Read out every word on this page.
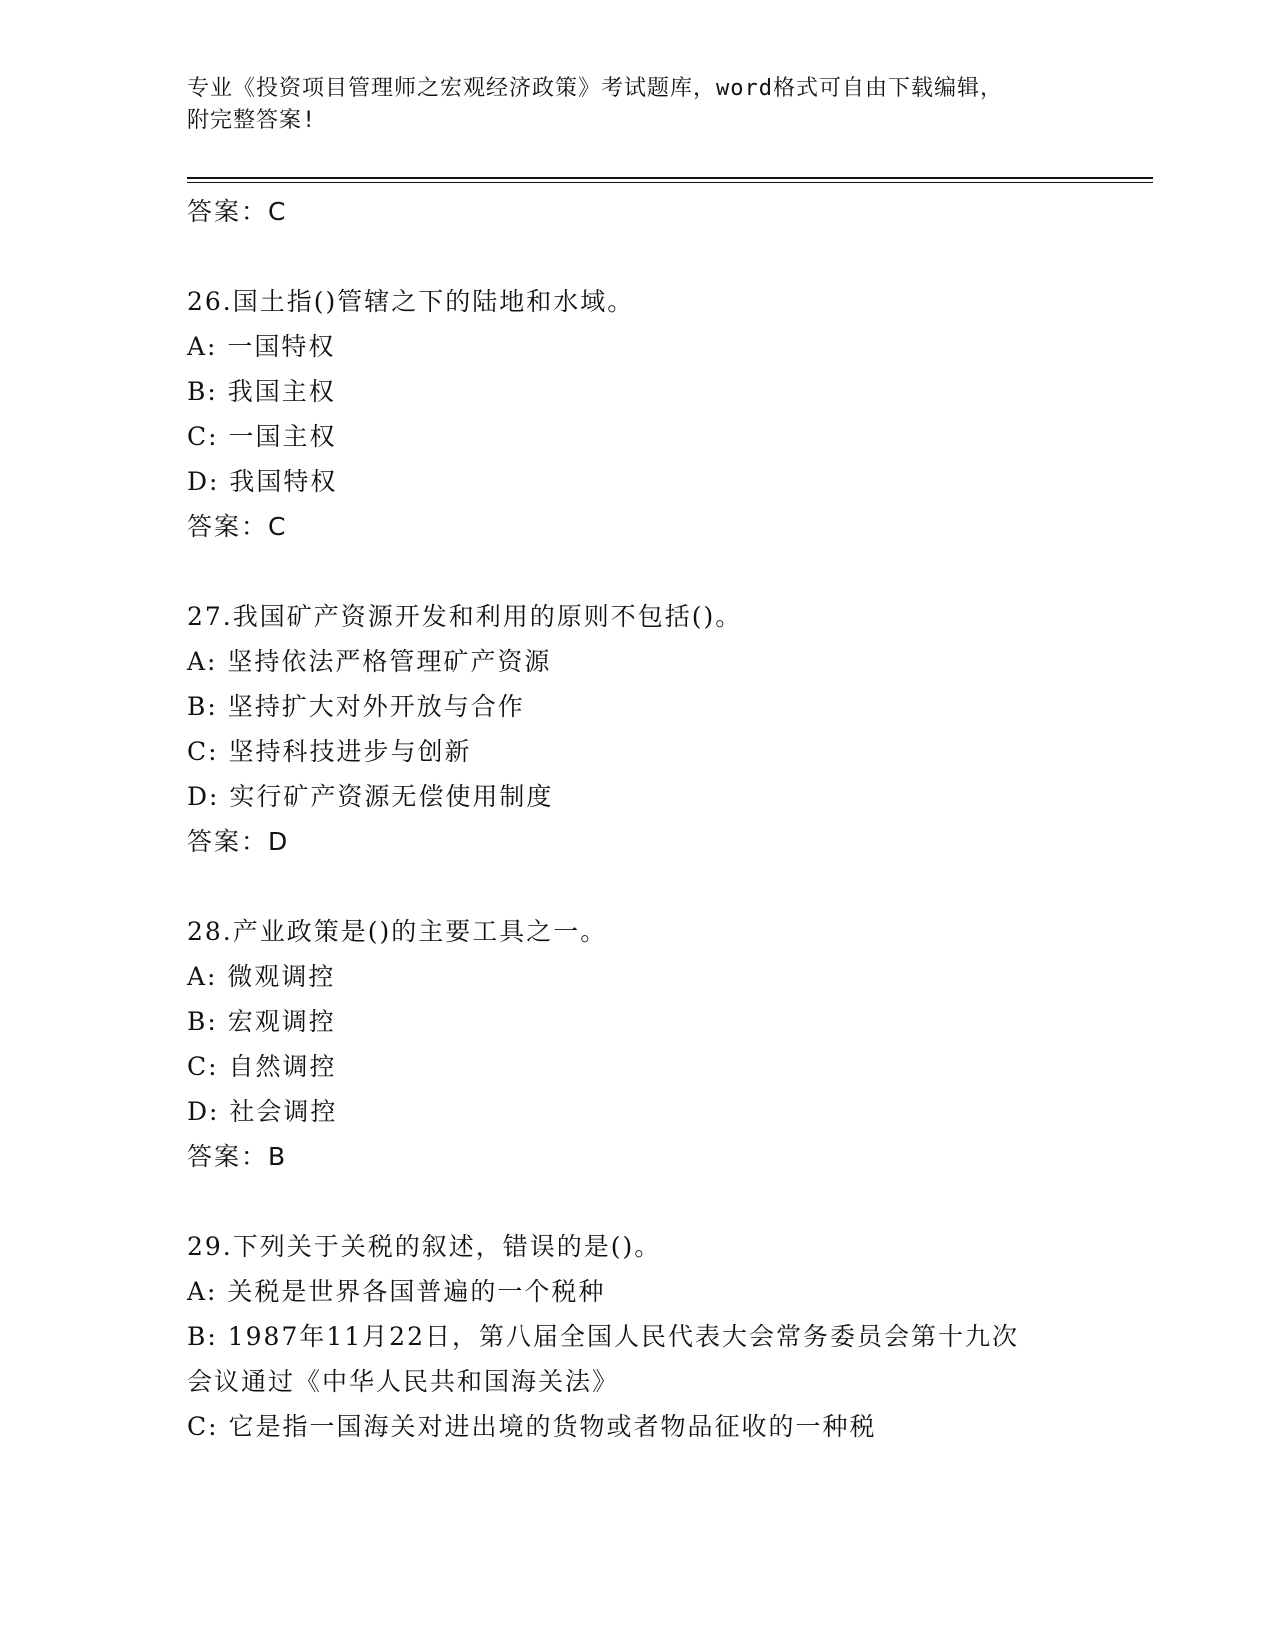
专业《投资项目管理师之宏观经济政策》考试题库，word格式可自由下载编辑，
附完整答案!
答案：C
26.国土指()管辖之下的陆地和水域。
A: 一国特权
B: 我国主权
C: 一国主权
D: 我国特权
答案：C
27.我国矿产资源开发和利用的原则不包括()。
A: 坚持依法严格管理矿产资源
B: 坚持扩大对外开放与合作
C: 坚持科技进步与创新
D: 实行矿产资源无偿使用制度
答案：D
28.产业政策是()的主要工具之一。
A: 微观调控
B: 宏观调控
C: 自然调控
D: 社会调控
答案：B
29.下列关于关税的叙述，错误的是()。
A: 关税是世界各国普遍的一个税种
B: 1987年11月22日，第八届全国人民代表大会常务委员会第十九次
会议通过《中华人民共和国海关法》
C: 它是指一国海关对进出境的货物或者物品征收的一种税
